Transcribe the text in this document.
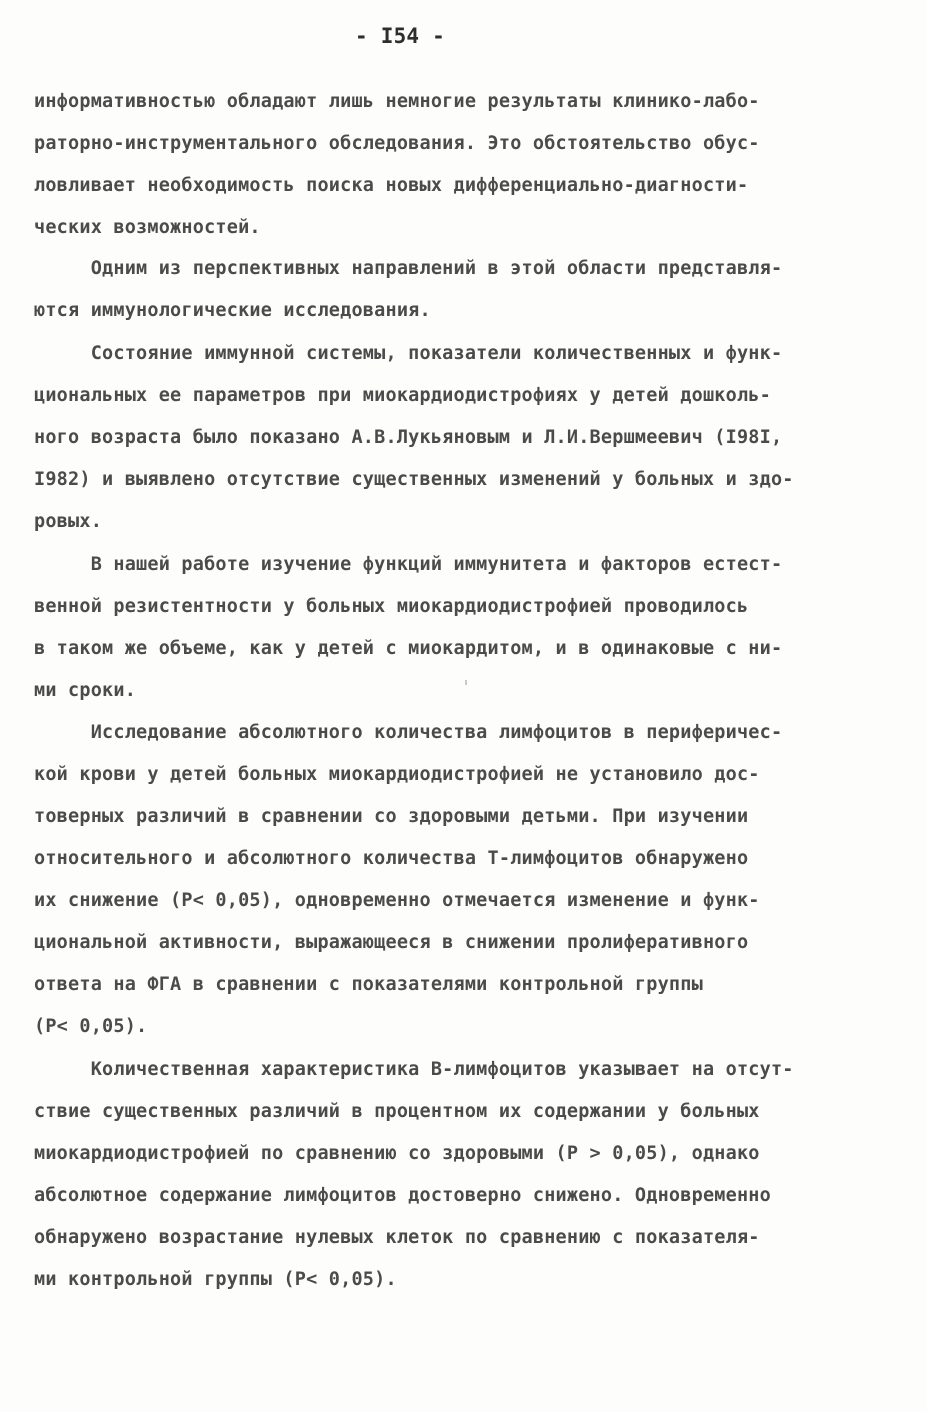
- I54 -
информативностью обладают лишь немногие результаты клинико-лабо-
раторно-инструментального обследования. Это обстоятельство обус-
ловливает необходимость поиска новых дифференциально-диагности-
ческих возможностей.
Одним из перспективных направлений в этой области представля-
ются иммунологические исследования.
Состояние иммунной системы, показатели количественных и функ-
циональных ее параметров при миокардиодистрофиях у детей дошколь-
ного возраста было показано А.В.Лукьяновым и Л.И.Вершмеевич (I98I,
I982) и выявлено отсутствие существенных изменений у больных и здо-
ровых.
В нашей работе изучение функций иммунитета и факторов естест-
венной резистентности у больных миокардиодистрофией проводилось
в таком же объеме, как у детей с миокардитом, и в одинаковые с ни-
ми сроки.
Исследование абсолютного количества лимфоцитов в периферичес-
кой крови у детей больных миокардиодистрофией не установило дос-
товерных различий в сравнении со здоровыми детьми. При изучении
относительного и абсолютного количества Т-лимфоцитов обнаружено
их снижение (P< 0,05), одновременно отмечается изменение и функ-
циональной активности, выражающееся в снижении пролиферативного
ответа на ФГА в сравнении с показателями контрольной группы
(P< 0,05).
Количественная характеристика В-лимфоцитов указывает на отсут-
ствие существенных различий в процентном их содержании у больных
миокардиодистрофией по сравнению со здоровыми (P > 0,05), однако
абсолютное содержание лимфоцитов достоверно снижено. Одновременно
обнаружено возрастание нулевых клеток по сравнению с показателя-
ми контрольной группы (P< 0,05).
